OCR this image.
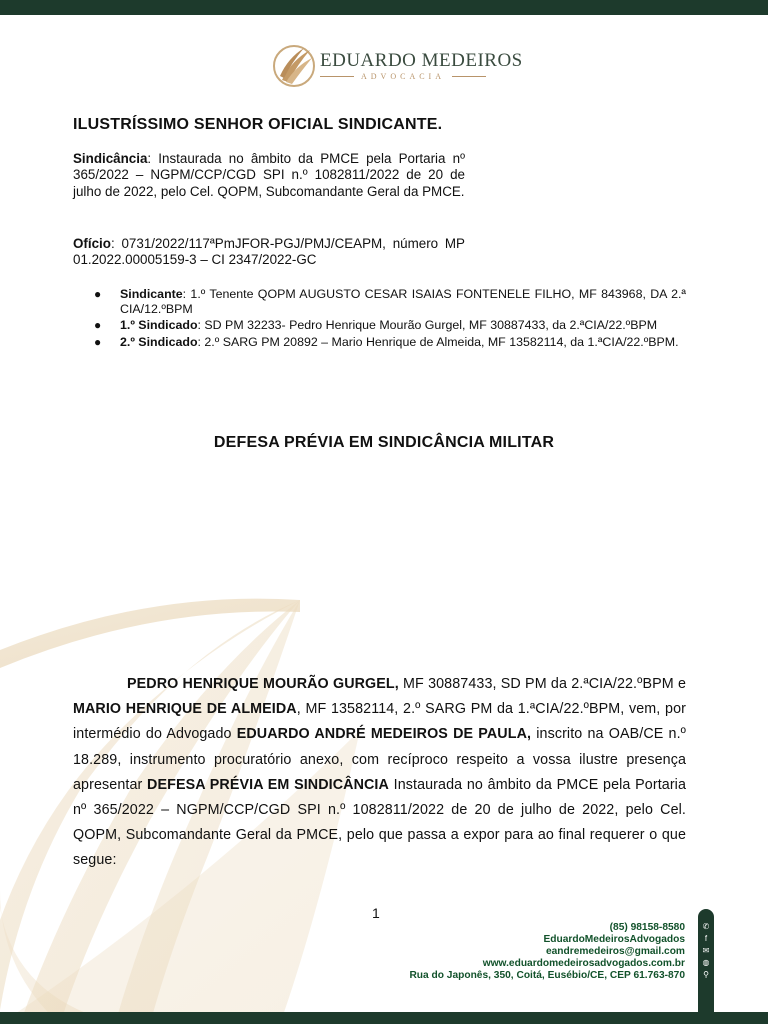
EDUARDO MEDEIROS
ADVOCACIA
ILUSTRÍSSIMO SENHOR OFICIAL SINDICANTE.
Sindicância: Instaurada no âmbito da PMCE pela Portaria nº 365/2022 – NGPM/CCP/CGD SPI n.º 1082811/2022 de 20 de julho de 2022, pelo Cel. QOPM, Subcomandante Geral da PMCE.
Ofício: 0731/2022/117ªPmJFOR-PGJ/PMJ/CEAPM, número MP 01.2022.00005159-3 – CI 2347/2022-GC
● Sindicante: 1.º Tenente QOPM AUGUSTO CESAR ISAIAS FONTENELE FILHO, MF 843968, DA 2.ª CIA/12.ºBPM
● 1.º Sindicado: SD PM 32233- Pedro Henrique Mourão Gurgel, MF 30887433, da 2.ªCIA/22.ºBPM
● 2.º Sindicado: 2.º SARG PM 20892 – Mario Henrique de Almeida, MF 13582114, da 1.ªCIA/22.ºBPM.
DEFESA PRÉVIA EM SINDICÂNCIA MILITAR
PEDRO HENRIQUE MOURÃO GURGEL, MF 30887433, SD PM da 2.ªCIA/22.ºBPM e MARIO HENRIQUE DE ALMEIDA, MF 13582114, 2.º SARG PM da 1.ªCIA/22.ºBPM, vem, por intermédio do Advogado EDUARDO ANDRÉ MEDEIROS DE PAULA, inscrito na OAB/CE n.º 18.289, instrumento procuratório anexo, com recíproco respeito a vossa ilustre presença apresentar DEFESA PRÉVIA EM SINDICÂNCIA Instaurada no âmbito da PMCE pela Portaria nº 365/2022 – NGPM/CCP/CGD SPI n.º 1082811/2022 de 20 de julho de 2022, pelo Cel. QOPM, Subcomandante Geral da PMCE, pelo que passa a expor para ao final requerer o que segue:
1
(85) 98158-8580
EduardoMedeirosAdvogados
eandremedeiros@gmail.com
www.eduardomedeirosadvogados.com.br
Rua do Japonês, 350, Coitá, Eusébio/CE, CEP 61.763-870
✆
f
✉
◍
⚲
